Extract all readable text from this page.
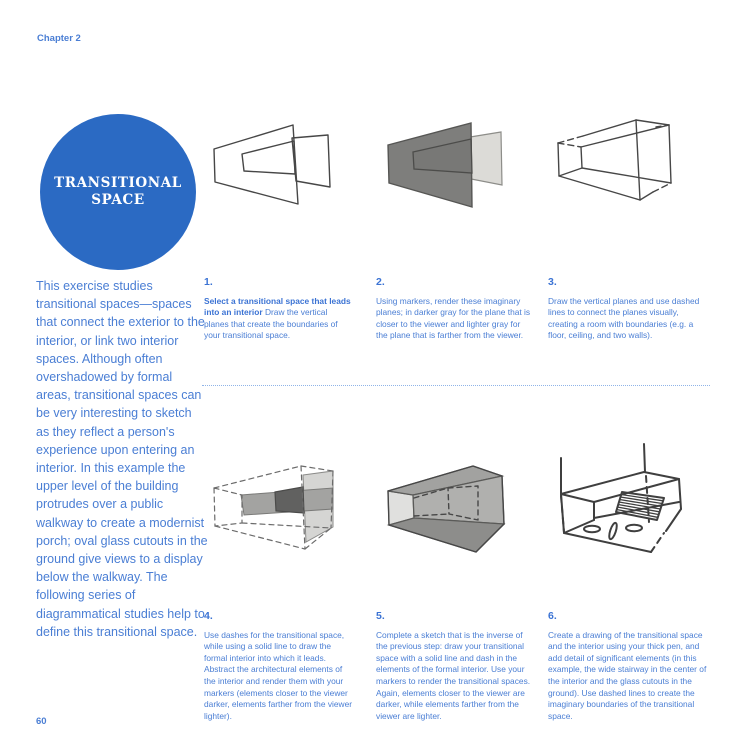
Chapter 2
TRANSITIONAL
SPACE
This exercise studies transitional spaces—spaces that connect the exterior to the interior, or link two interior spaces. Although often overshadowed by formal areas, transitional spaces can be very interesting to sketch as they reflect a person's experience upon entering an interior. In this example the upper level of the building protrudes over a public walkway to create a modernist porch; oval glass cutouts in the ground give views to a display below the walkway. The following series of diagrammatical studies help to define this transitional space.
1.
Select a transitional space that leads into an interior Draw the vertical planes that create the boundaries of your transitional space.
2.
Using markers, render these imaginary planes; in darker gray for the plane that is closer to the viewer and lighter gray for the plane that is farther from the viewer.
3.
Draw the vertical planes and use dashed lines to connect the planes visually, creating a room with boundaries (e.g. a floor, ceiling, and two walls).
4.
Use dashes for the transitional space, while using a solid line to draw the formal interior into which it leads. Abstract the architectural elements of the interior and render them with your markers (elements closer to the viewer darker, elements farther from the viewer lighter).
5.
Complete a sketch that is the inverse of the previous step: draw your transitional space with a solid line and dash in the elements of the formal interior. Use your markers to render the transitional spaces. Again, elements closer to the viewer are darker, while elements farther from the viewer are lighter.
6.
Create a drawing of the transitional space and the interior using your thick pen, and add detail of significant elements (in this example, the wide stairway in the center of the interior and the glass cutouts in the ground). Use dashed lines to create the imaginary boundaries of the transitional space.
60
